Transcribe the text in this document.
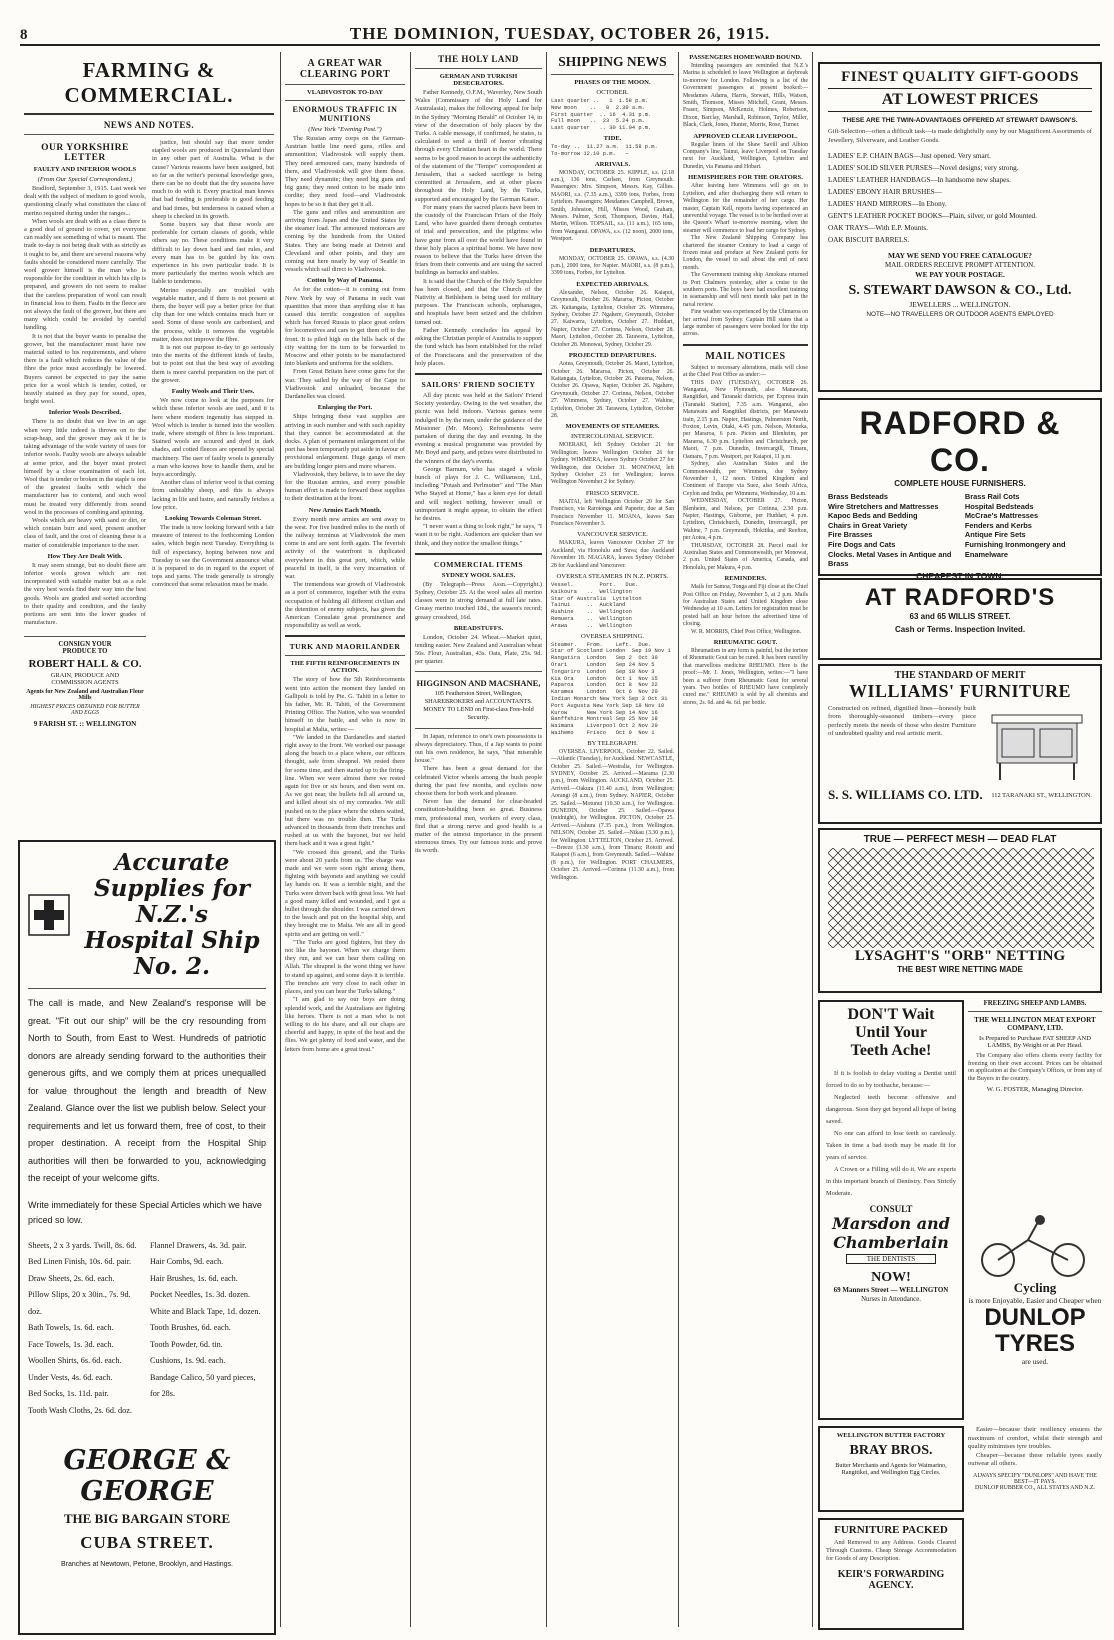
8	THE DOMINION, TUESDAY, OCTOBER 26, 1915.
FARMING & COMMERCIAL.
NEWS AND NOTES.
OUR YORKSHIRE LETTER
FAULTY AND INFERIOR WOOLS
(From Our Special Correspondent.)

Bradford, September 3, 1915. Last week we dealt with the subject of medium to good wools, questioning clearly what constitutes the class of merino required during under the ranges...

When wools are dealt with as a class there is a good deal of ground to cover, yet everyone can readily see something of what is meant. The trade to-day is not being dealt with as strictly as it ought to be, and there are several reasons why faults should be considered more carefully. The wool grower himself is the man who is responsible for the condition in which his clip is prepared, and growers do not seem to realise that the careless preparation of wool can result in financial loss to them. Faults in the fleece are not always the fault of the grower, but there are many which could be avoided by careful handling.

It is not that the buyer wants to penalise the grower, but the manufacturer must have raw material suited to his requirements, and where there is a fault which reduces the value of the fibre the price must accordingly be lowered. Buyers cannot be expected to pay the same price for a wool which is tender, cotted, or heavily stained as they pay for sound, open, bright wool.

Inferior Wools Described.

There is no doubt that we live in an age when very little indeed is thrown on to the scrap-heap, and the grower may ask if he is taking advantage of the wide variety of uses for inferior wools. Faulty wools are always saleable at some price, and the buyer must protect himself by a close examination of each lot. Wool that is tender or broken in the staple is one of the greatest faults with which the manufacturer has to contend, and such wool must be treated very differently from sound wool in the processes of combing and spinning.

Wools which are heavy with sand or dirt, or which contain burr and seed, present another class of fault, and the cost of cleaning these is a matter of considerable importance to the user.

How They Are Dealt With.

It may seem strange, but no doubt there are inferior wools grown which are not incorporated with suitable matter but as a rule the very best wools find their way into the best goods. Wools are graded and sorted according to their quality and condition, and the faulty portions are sent into the lower grades of manufacture.

justice, but should say that more tender stapled wools are produced in Queensland than in any other part of Australia. What is the cause? Various reasons have been assigned, but so far as the writer's personal knowledge goes, there can be no doubt that the dry seasons have much to do with it. Every practical man knows that bad feeding is preferable to good feeding and bad times, but tenderness is caused when a sheep is checked in its growth.

Some buyers say that these wools are preferable for certain classes of goods, while others say no. These conditions make it very difficult to lay down hard and fast rules, and every man has to be guided by his own experience in his own particular trade. It is more particularly the merino wools which are liable to tenderness.

Merino especially are troubled with vegetable matter, and if there is not present at them, the buyer will pay a better price for that clip than for one which contains much burr or seed. Some of these wools are carbonised, and the process, while it removes the vegetable matter, does not improve the fibre.

It is not our purpose to-day to go seriously into the merits of the different kinds of faults, but to point out that the best way of avoiding them is more careful preparation on the part of the grower.

Faulty Wools and Their Uses.

We now come to look at the purposes for which these inferior wools are used, and it is here where modern ingenuity has stepped in. Wool which is tender is turned into the woollen trade, where strength of fibre is less important. Stained wools are scoured and dyed in dark shades, and cotted fleeces are opened by special machinery. The user of faulty wools is generally a man who knows how to handle them, and he buys accordingly.

Another class of inferior wool is that coming from unhealthy sheep, and this is always lacking in life and lustre, and naturally fetches a low price.

Looking Towards Coleman Street.

The trade is now looking forward with a fair measure of interest to the forthcoming London sales, which begin next Tuesday. Everything is full of expectancy, hoping between now and Tuesday to see the Government announce what it is prepared to do in regard to the export of tops and yarns. The trade generally is strongly convinced that some relaxation must be made.

CONSIGN YOUR
PRODUCE TO
ROBERT HALL & CO.
GRAIN, PRODUCE AND
COMMISSION AGENTS
Agents for New Zealand and Australian Flour Mills
HIGHEST PRICES OBTAINED FOR BUTTER AND EGGS
9 FARISH ST. :: WELLINGTON
Accurate Supplies for N.Z.'s Hospital Ship No. 2.
The call is made, and New Zealand's response will be great. "Fit out our ship" will be the cry resounding from North to South, from East to West. Hundreds of patriotic donors are already sending forward to the authorities their generous gifts, and we comply them at prices unequalled for value throughout the length and breadth of New Zealand. Glance over the list we publish below. Select your requirements and let us forward them, free of cost, to their proper destination. A receipt from the Hospital Ship authorities will then be forwarded to you, acknowledging the receipt of your welcome gifts.
Write immediately for these Special Articles which we have priced so low.
Sheets, 2 x 3 yards. Twill, 8s. 6d.
Bed Linen Finish, 10s. 6d. pair.
Draw Sheets, 2s. 6d. each.
Pillow Slips, 20 x 30in., 7s. 9d. doz.
Bath Towels, 1s. 6d. each.
Face Towels, 1s. 3d. each.
Woollen Shirts, 6s. 6d. each.
Under Vests, 4s. 6d. each.
Bed Socks, 1s. 11d. pair.
Tooth Wash Cloths, 2s. 6d. doz.
Flannel Drawers, 4s. 3d. pair.
Hair Combs, 9d. each.
Hair Brushes, 1s. 6d. each.
Pocket Needles, 1s. 3d. dozen.
White and Black Tape, 1d. dozen.
Tooth Brushes, 6d. each.
Tooth Powder, 6d. tin.
Cushions, 1s. 9d. each.
Bandage Calico, 50 yard pieces, for 28s.
GEORGE & GEORGE
THE BIG BARGAIN STORE
CUBA STREET.
Branches at Newtown, Petone, Brooklyn, and Hastings.
A GREAT WAR CLEARING PORT
VLADIVOSTOK TO-DAY
ENORMOUS TRAFFIC IN MUNITIONS
(New York "Evening Post.")

The Russian army corps on the German-Austrian battle line need guns, rifles and ammunition; Vladivostok will supply them. They need armoured cars, many hundreds of them, and Vladivostok will give them these. They need dynamite; they need big guns and big guns; they need cotton to be made into cordite; they need food—and Vladivostok hopes to be so it that they get it all.

The guns and rifles and ammunition are arriving from Japan and the United States by the steamer load. The armoured motorcars are coming by the hundreds from the United States. They are being made at Detroit and Cleveland and other points, and they are coming out here nearly by way of Seattle in vessels which sail direct to Vladivostok.

Cotton by Way of Panama.

As for the cotton—it is coming out from New York by way of Panama in such vast quantities that more than anything else it has caused this terrific congestion of supplies which has forced Russia to place great orders for locomotives and cars to get them off to the front. It is piled high on the hills back of the city waiting for its turn to be forwarded to Moscow and other points to be manufactured into blankets and uniforms for the soldiers.

From Great Britain have come guns for the war. They sailed by the way of the Cape to Vladivostok and unloaded, because the Dardanelles was closed.

Enlarging the Port.

Ships bringing these vast supplies are arriving in such number and with such rapidity that they cannot be accommodated at the docks. A plan of permanent enlargement of the port has been temporarily put aside in favour of provisional enlargement. Huge gangs of men are building longer piers and more wharves.

Vladivostok, they believe, is to save the day for the Russian armies, and every possible human effort is made to forward these supplies to their destination at the front.

New Armies Each Month.

Every month new armies are sent away to the west. For five hundred miles to the north of the railway terminus at Vladivostok the men come in and are sent forth again. The feverish activity of the waterfront is duplicated everywhere in this great port, which, while peaceful in itself, is the very incarnation of war.

The tremendous war growth of Vladivostok as a port of commerce, together with the extra occupation of holding all different civilian and the detention of enemy subjects, has given the American Consulate great prominence and responsibility as well as work.

TURK AND MAORILANDER
THE FIFTH REINFORCEMENTS IN ACTION.

The story of how the 5th Reinforcements went into action the moment they landed on Gallipoli is told by Pte. G. Tahiti in a letter to his father, Mr. R. Tahiti, of the Government Printing Office. The Nation, who was wounded himself in the battle, and who is now in hospital at Malta, writes:—

"We landed in the Dardanelles and started right away to the front. We worked our passage along the beach to a place where, our officers thought, safe from shrapnel. We rested there for some time, and then started up to the firing-line. When we were almost there we rested again for five or six hours, and then went on. As we got near, the bullets fell all around us, and killed about six of my comrades. We still pushed on to the place where the others waited, but there was no trouble then. The Turks advanced in thousands from their trenches and rushed at us with the bayonet, but we held them back and it was a great fight."

"We crossed this ground, and the Turks were about 20 yards from us. The charge was made and we were soon right among them, fighting with bayonets and anything we could lay hands on. It was a terrible night, and the Turks were driven back with great loss. We had a good many killed and wounded, and I got a bullet through the shoulder. I was carried down to the beach and put on the hospital ship, and they brought me to Malta. We are all in good spirits and are getting on well."

"The Turks are good fighters, but they do not like the bayonet. When we charge them they run, and we can hear them calling on Allah. The shrapnel is the worst thing we have to stand up against, and some days it is terrible. The trenches are very close to each other in places, and you can hear the Turks talking."

"I am glad to say our boys are doing splendid work, and the Australians are fighting like heroes. There is not a man who is not willing to do his share, and all our chaps are cheerful and happy, in spite of the heat and the flies. We get plenty of food and water, and the letters from home are a great treat."

THE HOLY LAND
GERMAN AND TURKISH DESECRATORS.

Father Kennedy, O.F.M., Waverley, New South Wales (Commissary of the Holy Land for Australasia), makes the following appeal for help in the Sydney "Morning Herald" of October 14, in view of the desecration of holy places by the Turks. A cable message, if confirmed, he states, is calculated to send a thrill of horror vibrating through every Christian heart in the world. There seems to be good reason to accept the authenticity of the statement of the "Tempo" correspondent at Jerusalem, that a sacked sacrilege is being committed at Jerusalem, and at other places throughout the Holy Land, by the Turks, supported and encouraged by the German Kaiser.

For many years the sacred places have been in the custody of the Franciscan Friars of the Holy Land, who have guarded them through centuries of trial and persecution, and the pilgrims who have gone from all over the world have found in these holy places a spiritual home. We have now reason to believe that the Turks have driven the friars from their convents and are using the sacred buildings as barracks and stables.

It is said that the Church of the Holy Sepulchre has been closed, and that the Church of the Nativity at Bethlehem is being used for military purposes. The Franciscan schools, orphanages, and hospitals have been seized and the children turned out.

Father Kennedy concludes his appeal by asking the Christian people of Australia to support the fund which has been established for the relief of the Franciscans and the preservation of the holy places.

SAILORS' FRIEND SOCIETY

All day picnic was held at the Sailors' Friend Society yesterday. Owing to the wet weather, the picnic was held indoors. Various games were indulged in by the men, under the guidance of the Missioner (Mr. Moore). Refreshments were partaken of during the day and evening. In the evening a musical programme was provided by Mr. Boyd and party, and prizes were distributed to the winners of the day's events.

George Barnum, who has staged a whole bunch of plays for J. C. Williamson, Ltd., including "Potash and Perlmutter" and "The Man Who Stayed at Home," has a keen eye for detail and will neglect nothing, however small or unimportant it might appear, to obtain the effect he desires.

"I never want a thing to look right," he says, "I want it to be right. Audiences are quicker than we think, and they notice the smallest things."

COMMERCIAL ITEMS
SYDNEY WOOL SALES.

(By Telegraph—Press Assn.—Copyright.) Sydney, October 25. At the wool sales all merino classes were in strong demand at full late rates. Greasy merino touched 18d., the season's record; greasy crossbred, 16d.

BREADSTUFFS.

London, October 24. Wheat.—Market quiet, tending easier. New Zealand and Australian wheat 56s. Flour, Australian, 43s. Oats, Plate, 25s. 9d. per quarter.

HIGGINSON AND MACSHANE,
105 Featherston Street, Wellington, SHAREBROKERS and ACCOUNTANTS. MONEY TO LEND on First-class Free-hold Security.

In Japan, reference to one's own possessions is always depreciatory. Thus, if a Jap wants to point out his own residence, he says, "that miserable house."

There has been a great demand for the celebrated Victor wheels among the bush people during the past few months, and cyclists now choose them for both work and pleasure.

Never has the demand for clear-headed constitution-building been so great. Business men, professional men, workers of every class, find that a strong nerve and good health is a matter of the utmost importance in the present strenuous times. Try our famous tonic and prove its worth.

SHIPPING NEWS
PHASES OF THE MOON.
OCTOBER.
Last quarter ..   1  1.58 p.m.
New moon    ..   8  2.39 a.m.
First quarter  .. 16  4.31 p.m.
Full moon   ..  23  5.24 p.m.
Last quarter   .. 30 11.04 p.m.
TIDE.
To-day ..  11.27 a.m.  11.58 p.m.
To-morrow 12.10 p.m.   —
ARRIVALS.

MONDAY, OCTOBER 25. KIPPLE, s.s. (2.18 a.m.), 136 tons, Carlsen, from Greymouth. Passengers: Mrs. Simpson, Messrs. Kay, Gillies. MAORI, s.s. (7.35 a.m.), 3399 tons, Forbes, from Lyttelton. Passengers: Mesdames Campbell, Brown, Smith, Johnston, Hill, Misses Wood, Graham, Messrs. Palmer, Scott, Thompson, Davies, Hall, Martin, Wilson. TOPSAIL, s.s. (11 a.m.), 165 tons, from Wanganui. OPAWA, s.s. (12 noon), 2000 tons, Westport.

DEPARTURES.

MONDAY, OCTOBER 25. OPAWA, s.s. (4.30 p.m.), 2000 tons, for Napier. MAORI, s.s. (8 p.m.), 3399 tons, Forbes, for Lyttelton.

EXPECTED ARRIVALS.

Alexander, Nelson, October 26. Kaiapoi, Greymouth, October 26. Mararoa, Picton, October 26. Kaitangata, Lyttelton, October 26. Wimmera, Sydney, October 27. Ngahere, Greymouth, October 27. Kaiwarra, Lyttelton, October 27. Huddart, Napier, October 27. Corinna, Nelson, October 28. Maori, Lyttelton, October 28. Tarawera, Lyttelton, October 28. Monowai, Sydney, October 29.

PROJECTED DEPARTURES.

Aotea, Greymouth, October 26. Maori, Lyttelton, October 26. Mararoa, Picton, October 26. Kaitangata, Lyttelton, October 26. Pateena, Nelson, October 26. Opawa, Napier, October 26. Ngahere, Greymouth, October 27. Corinna, Nelson, October 27. Wimmera, Sydney, October 27. Wahine, Lyttelton, October 28. Tarawera, Lyttelton, October 28.

MOVEMENTS OF STEAMERS.
INTERCOLONIAL SERVICE.

MOERAKI, left Sydney October 21 for Wellington; leaves Wellington October 26 for Sydney. WIMMERA, leaves Sydney October 27 for Wellington, due October 31. MONOWAI, left Sydney October 23 for Wellington; leaves Wellington November 2 for Sydney.

FRISCO SERVICE.

MAITAI, left Wellington October 20 for San Francisco, via Rarotonga and Papeete; due at San Francisco November 11. MOANA, leaves San Francisco November 3.

VANCOUVER SERVICE.

MAKURA, leaves Vancouver October 27 for Auckland, via Honolulu and Suva; due Auckland November 18. NIAGARA, leaves Sydney October 28 for Auckland and Vancouver.

OVERSEA STEAMERS IN N.Z. PORTS.
Vessel.        Port.   Due.
Kaikoura   ..  Wellington
Star of Australia  Lyttelton
Tainui     ..  Auckland
Ruahine    ..  Wellington
Remuera    ..  Wellington
Arawa      ..  Wellington
OVERSEA SHIPPING.
Steamer.   From.    Left.  Due.
Star of Scotland London  Sep 19 Nov 1
Rangatira  London   Sep 2  Oct 30
Orari      London   Sep 24 Nov 5
Tongariro  London   Sep 18 Nov 3
Kia Ora    London   Oct 1  Nov 15
Paparoa    London   Oct 8  Nov 22
Karamea    London   Oct 6  Nov 20
Indian Monarch New York Sep 3 Oct 31
Port Augusta New York Sep 18 Nov 10
Kurow      New York Sep 14 Nov 16
Banffshire Montreal Sep 25 Nov 18
Waimana    Liverpool Oct 2 Nov 20
Waihemo    Frisco   Oct 9  Nov 1
BY TELEGRAPH.

OVERSEA. LIVERPOOL, October 22. Sailed.—Atlantic (Tuesday), for Auckland. NEWCASTLE, October 25. Sailed.—Westralia, for Wellington. SYDNEY, October 25. Arrived.—Marama (2.30 p.m.), from Wellington. AUCKLAND, October 25. Arrived.—Oakura (11.40 a.m.), from Wellington; Aorangi (8 a.m.), from Sydney. NAPIER, October 25. Sailed.—Motunui (10.30 a.m.), for Wellington. DUNEDIN, October 25. Sailed.—Opawa (midnight), for Wellington. PICTON, October 25. Arrived.—Arahura (7.35 p.m.), from Wellington. NELSON, October 25. Sailed.—Nikau (3.30 p.m.), for Wellington. LYTTELTON, October 25. Arrived.—Breeze (3.30 a.m.), from Timaru; Rotoiti and Kaiapoi (6 a.m.), from Greymouth. Sailed.—Wahine (8 p.m.), for Wellington. PORT CHALMERS, October 25. Arrived.—Corinna (11.30 a.m.), from Wellington.

PASSENGERS HOMEWARD BOUND.

Intending passengers are reminded that N.Z.'s Marina is scheduled to leave Wellington at daybreak to-morrow for London. Following is a list of the Government passengers at present booked:—Mesdames Adams, Harris, Stewart, Hills, Watson, Smith, Thomson, Misses Mitchell, Grant, Messrs. Fraser, Simpson, McKenzie, Holmes, Robertson, Dixon, Barclay, Marshall, Robinson, Taylor, Miller, Black, Clark, Jones, Hunter, Morris, Rose, Turner.

APPROVED CLEAR LIVERPOOL.

Regular liners of the Shaw Savill and Albion Company's line, Tainui, leave Liverpool on Tuesday next for Auckland, Wellington, Lyttelton and Dunedin, via Panama and Hobart.

HEMISPHERES FOR THE ORATORS.

After leaving here Wimmera will go on to Lyttelton, and after discharging there will return to Wellington for the remainder of her cargo. Her master, Captain Kell, reports having experienced an uneventful voyage. The vessel is to be berthed over at the Queen's Wharf to-morrow morning, when the steamer will commence to load her cargo for Sydney.

The New Zealand Shipping Company has chartered the steamer Century to load a cargo of frozen meat and produce at New Zealand ports for London, the vessel to sail about the end of next month.

The Government training ship Amokura returned to Port Chalmers yesterday, after a cruise to the southern ports. The boys have had excellent training in seamanship and will next month take part in the naval review.

Fine weather was experienced by the Ulimaroa on her arrival from Sydney. Captain Hill states that a large number of passengers were booked for the trip across.

MAIL NOTICES

Subject to necessary alterations, mails will close at the Chief Post Office as under:—

THIS DAY (TUESDAY), OCTOBER 26. Wanganui, New Plymouth, also Manawatu, Rangitikei, and Taranaki districts, per Express train (Taranaki Station), 7.35 a.m. Wanganui, also Manawatu and Rangitikei districts, per Manawatu train, 2.15 p.m. Napier, Hastings, Palmerston North, Foxton, Levin, Otaki, 4.45 p.m. Nelson, Motueka, per Mararoa, 6 p.m. Picton and Blenheim, per Mararoa, 6.30 p.m. Lyttelton and Christchurch, per Maori, 7 p.m. Dunedin, Invercargill, Timaru, Oamaru, 7 p.m. Westport, per Kaiapoi, 11 p.m.

Sydney, also Australian States and the Commonwealth, per Wimmera, due Sydney November 1, 12 noon. United Kingdom and Continent of Europe via Suez, also South Africa, Ceylon and India, per Wimmera, Wednesday, 10 a.m.

WEDNESDAY, OCTOBER 27. Picton, Blenheim, and Nelson, per Corinna, 2.30 p.m. Napier, Hastings, Gisborne, per Huddart, 4 p.m. Lyttelton, Christchurch, Dunedin, Invercargill, per Wahine, 7 p.m. Greymouth, Hokitika, and Reefton, per Aotea, 4 p.m.

THURSDAY, OCTOBER 28. Parcel mail for Australian States and Commonwealth, per Monowai, 2 p.m. United States of America, Canada, and Honolulu, per Makura, 4 p.m.

REMINDERS.

Mails for Samoa, Tonga and Fiji close at the Chief Post Office on Friday, November 5, at 2 p.m. Mails for Australian States and United Kingdom close Wednesday at 10 a.m. Letters for registration must be posted half an hour before the advertised time of closing.

W. R. MORRIS, Chief Post Office, Wellington.

RHEUMATIC GOUT.

Rheumatism in any form is painful, but the torture of Rheumatic Gout can be cured. It has been cured by that marvellous medicine RHEUMO. Here is the proof:—Mr. J. Jones, Wellington, writes:—"I have been a sufferer from Rheumatic Gout for several years. Two bottles of RHEUMO have completely cured me." RHEUMO is sold by all chemists and stores, 2s. 6d. and 4s. 6d. per bottle.

FINEST QUALITY GIFT-GOODS
AT LOWEST PRICES
THESE ARE THE TWIN-ADVANTAGES OFFERED AT STEWART DAWSON'S.
Gift-Selection—often a difficult task—is made delightfully easy by our Magnificent Assortments of Jewellery, Silverware, and Leather Goods.
LADIES' E.P. CHAIN BAGS—Just opened. Very smart.
LADIES' SOLID SILVER PURSES—Novel designs; very strong.
LADIES' LEATHER HANDBAGS—In handsome new shapes.
LADIES' EBONY HAIR BRUSHES—
LADIES' HAND MIRRORS—In Ebony.
GENT'S LEATHER POCKET BOOKS—Plain, silver, or gold Mounted.
OAK TRAYS—With E.P. Mounts.
OAK BISCUIT BARRELS.
MAY WE SEND YOU FREE CATALOGUE?
MAIL ORDERS RECEIVE PROMPT ATTENTION.
WE PAY YOUR POSTAGE.
S. STEWART DAWSON & CO., Ltd.
JEWELLERS ... WELLINGTON.
NOTE—NO TRAVELLERS OR OUTDOOR AGENTS EMPLOYED
RADFORD & CO.
COMPLETE HOUSE FURNISHERS.
Brass Bedsteads
Wire Stretchers and Mattresses
Kapoc Beds and Bedding
Chairs in Great Variety
Fire Brasses
Fire Dogs and Cats
Clocks. Metal Vases in Antique and Brass
Brass Rail Cots
Hospital Bedsteads
McCrae's Mattresses
Fenders and Kerbs
Antique Fire Sets
Furnishing Ironmongery and Enamelware
CHEAPEST IN TOWN.
AT RADFORD'S
63 and 65 WILLIS STREET.
Cash or Terms. Inspection Invited.
THE STANDARD OF MERIT
WILLIAMS' FURNITURE
Constructed on refined, dignified lines—honestly built from thoroughly-seasoned timbers—every piece perfectly meets the needs of those who desire Furniture of undoubted quality and real artistic merit.
S. S. WILLIAMS CO. LTD. 112 TARANAKI ST., WELLINGTON.
TRUE — PERFECT MESH — DEAD FLAT
LYSAGHT'S "ORB" NETTING
THE BEST WIRE NETTING MADE
DON'T Wait
Until Your
Teeth Ache!

If it is foolish to delay visiting a Dentist until forced to do so by toothache, because:—

Neglected teeth become offensive and dangerous. Soon they get beyond all hope of being saved.

No one can afford to lose teeth so carelessly. Taken in time a bad tooth may be made fit for years of service.

A Crown or a Filling will do it. We are experts in this important branch of Dentistry. Fees Strictly Moderate.

CONSULT
Marsdon and
Chamberlain
THE DENTISTS
NOW!
69 Manners Street — WELLINGTON
Nurses in Attendance.
FREEZING SHEEP AND LAMBS.
THE WELLINGTON MEAT EXPORT COMPANY, LTD.
Is Prepared to Purchase FAT SHEEP AND LAMBS, By Weight or at Per Head.

The Company also offers clients every facility for freezing on their own account. Prices can be obtained on application at the Company's Offices, or from any of the Buyers in the country.

W. G. FOSTER, Managing Director.
Cycling
is more Enjoyable, Easier and Cheaper when
DUNLOP
TYRES
are used.
WELLINGTON BUTTER FACTORY
BRAY BROS.
Butter Merchants and Agents for Waimarino, Rangitikei, and Wellington Egg Circles.

Easier—because their resiliency ensures the maximum of comfort, whilst their strength and quality minimises tyre troubles.

Cheaper—because these reliable tyres easily outwear all others.

ALWAYS SPECIFY "DUNLOPS" AND HAVE THE BEST—IT PAYS.
DUNLOP RUBBER CO., ALL STATES AND N.Z.
FURNITURE PACKED

And Removed to any Address. Goods Cleared Through Customs. Cheap Storage Accommodation for Goods of any Description.

KEIR'S FORWARDING AGENCY.
